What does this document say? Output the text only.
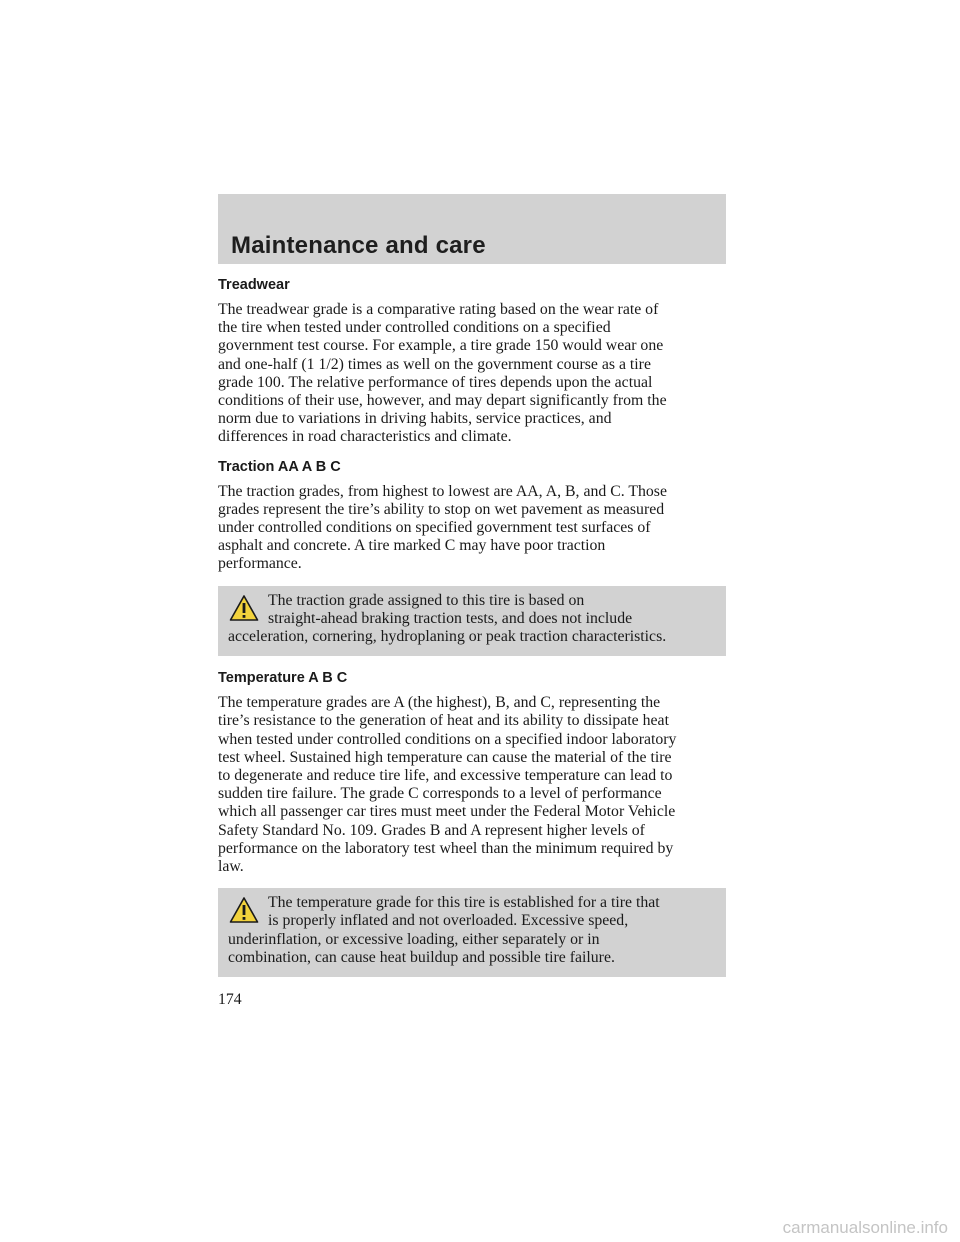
Maintenance and care
Treadwear

The treadwear grade is a comparative rating based on the wear rate of
the tire when tested under controlled conditions on a specified
government test course. For example, a tire grade 150 would wear one
and one-half (1 1/2) times as well on the government course as a tire
grade 100. The relative performance of tires depends upon the actual
conditions of their use, however, and may depart significantly from the
norm due to variations in driving habits, service practices, and
differences in road characteristics and climate.

Traction AA A B C

The traction grades, from highest to lowest are AA, A, B, and C. Those
grades represent the tire’s ability to stop on wet pavement as measured
under controlled conditions on specified government test surfaces of
asphalt and concrete. A tire marked C may have poor traction
performance.

The traction grade assigned to this tire is based on
straight-ahead braking traction tests, and does not include
acceleration, cornering, hydroplaning or peak traction characteristics.

Temperature A B C

The temperature grades are A (the highest), B, and C, representing the
tire’s resistance to the generation of heat and its ability to dissipate heat
when tested under controlled conditions on a specified indoor laboratory
test wheel. Sustained high temperature can cause the material of the tire
to degenerate and reduce tire life, and excessive temperature can lead to
sudden tire failure. The grade C corresponds to a level of performance
which all passenger car tires must meet under the Federal Motor Vehicle
Safety Standard No. 109. Grades B and A represent higher levels of
performance on the laboratory test wheel than the minimum required by
law.

The temperature grade for this tire is established for a tire that
is properly inflated and not overloaded. Excessive speed,
underinflation, or excessive loading, either separately or in
combination, can cause heat buildup and possible tire failure.

174

carmanualsonline.info
